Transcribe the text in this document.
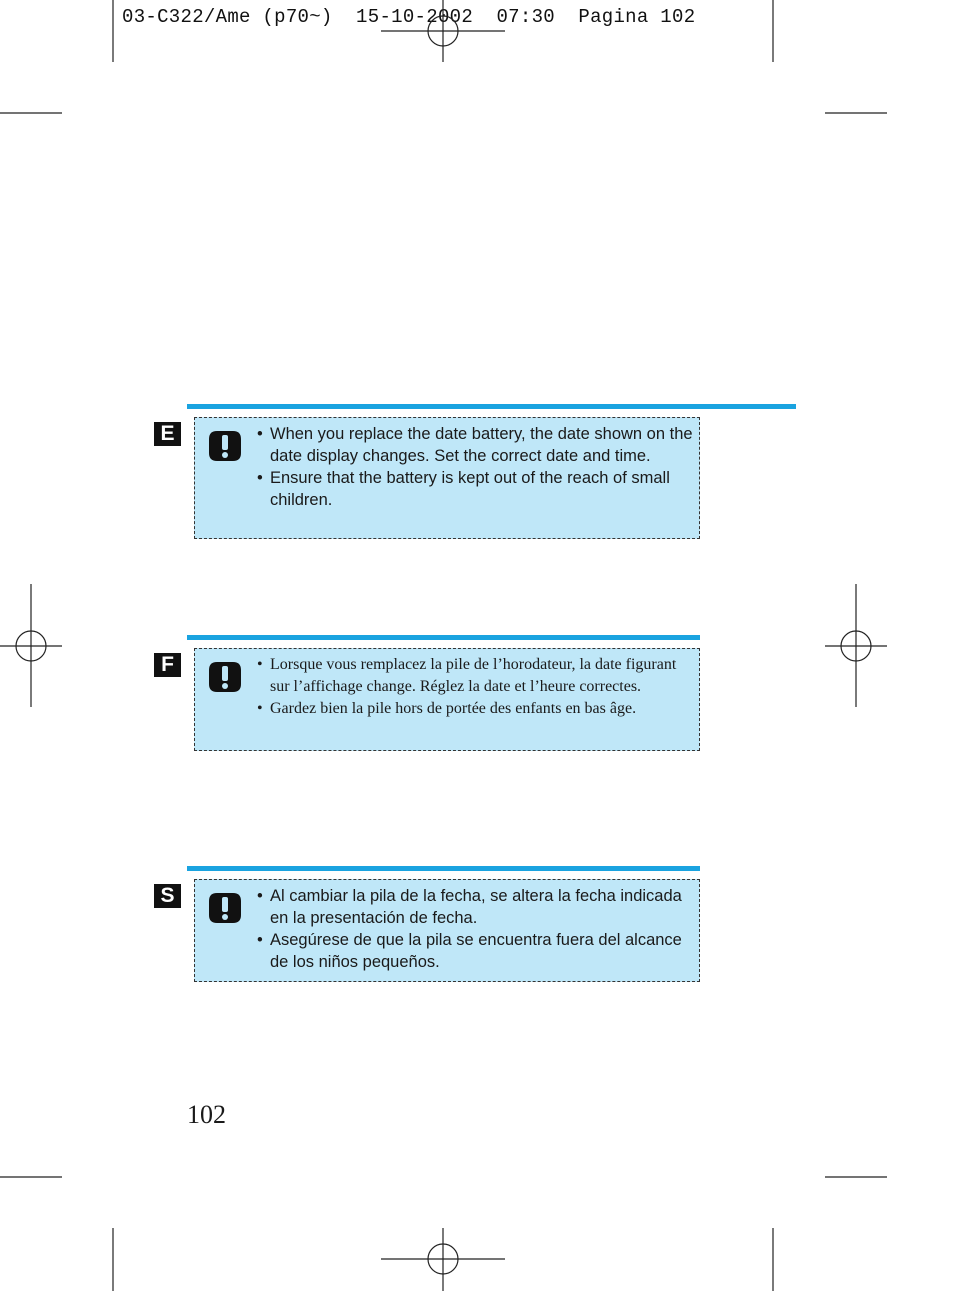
03-C322/Ame (p70~)  15-10-2002  07:30  Pagina 102
E	• When you replace the date battery, the date shown on the date display changes. Set the correct date and time.
• Ensure that the battery is kept out of the reach of small children.
F	• Lorsque vous remplacez la pile de l’horodateur, la date figurant sur l’affichage change. Réglez la date et l’heure correctes.
• Gardez bien la pile hors de portée des enfants en bas âge.
S	• Al cambiar la pila de la fecha, se altera la fecha indicada en la presentación de fecha.
• Asegúrese de que la pila se encuentra fuera del alcance de los niños pequeños.
102
